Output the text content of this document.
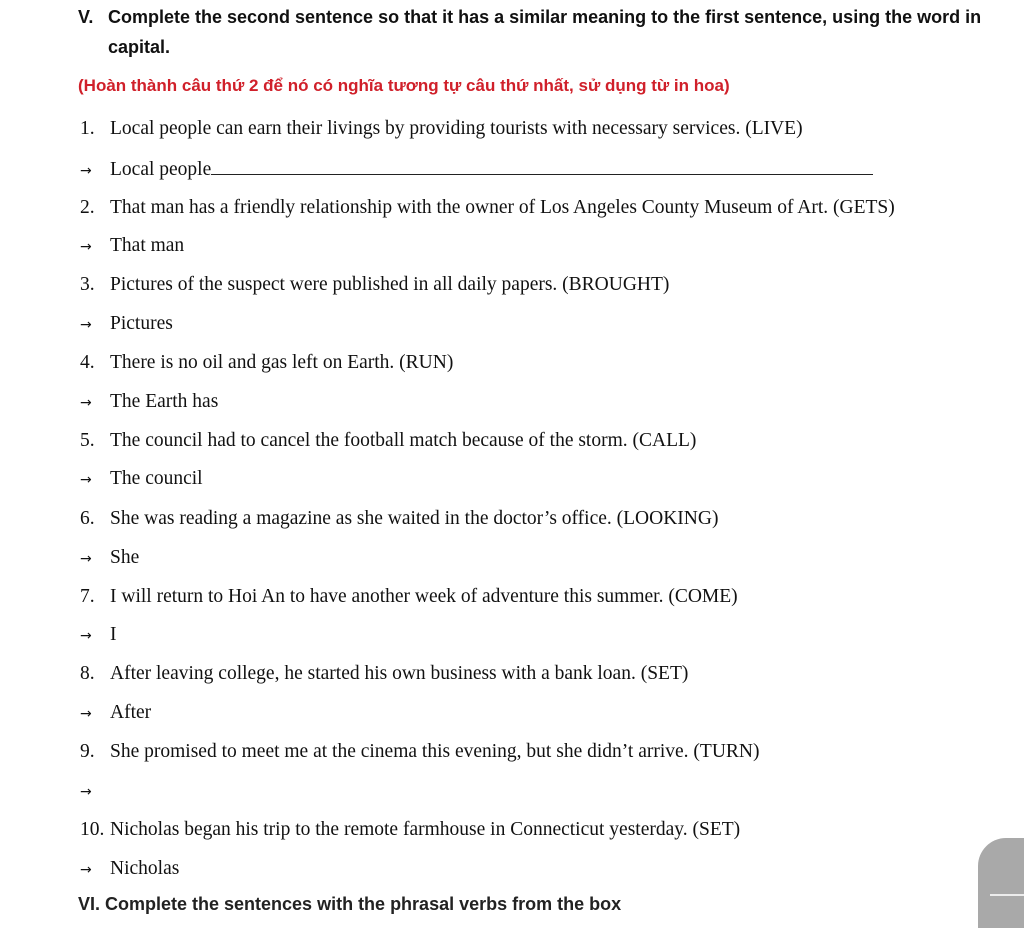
V. Complete the second sentence so that it has a similar meaning to the first sentence, using the word in capital.
(Hoàn thành câu thứ 2 để nó có nghĩa tương tự câu thứ nhất, sử dụng từ in hoa)
1. Local people can earn their livings by providing tourists with necessary services. (LIVE)
→ Local people
2. That man has a friendly relationship with the owner of Los Angeles County Museum of Art. (GETS)
→ That man
3. Pictures of the suspect were published in all daily papers. (BROUGHT)
→ Pictures
4. There is no oil and gas left on Earth. (RUN)
→ The Earth has
5. The council had to cancel the football match because of the storm. (CALL)
→ The council
6. She was reading a magazine as she waited in the doctor’s office. (LOOKING)
→ She
7. I will return to Hoi An to have another week of adventure this summer. (COME)
→ I
8. After leaving college, he started his own business with a bank loan. (SET)
→ After
9. She promised to meet me at the cinema this evening, but she didn’t arrive. (TURN)
→
10. Nicholas began his trip to the remote farmhouse in Connecticut yesterday. (SET)
→ Nicholas
VI. Complete the sentences with the phrasal verbs from the box
